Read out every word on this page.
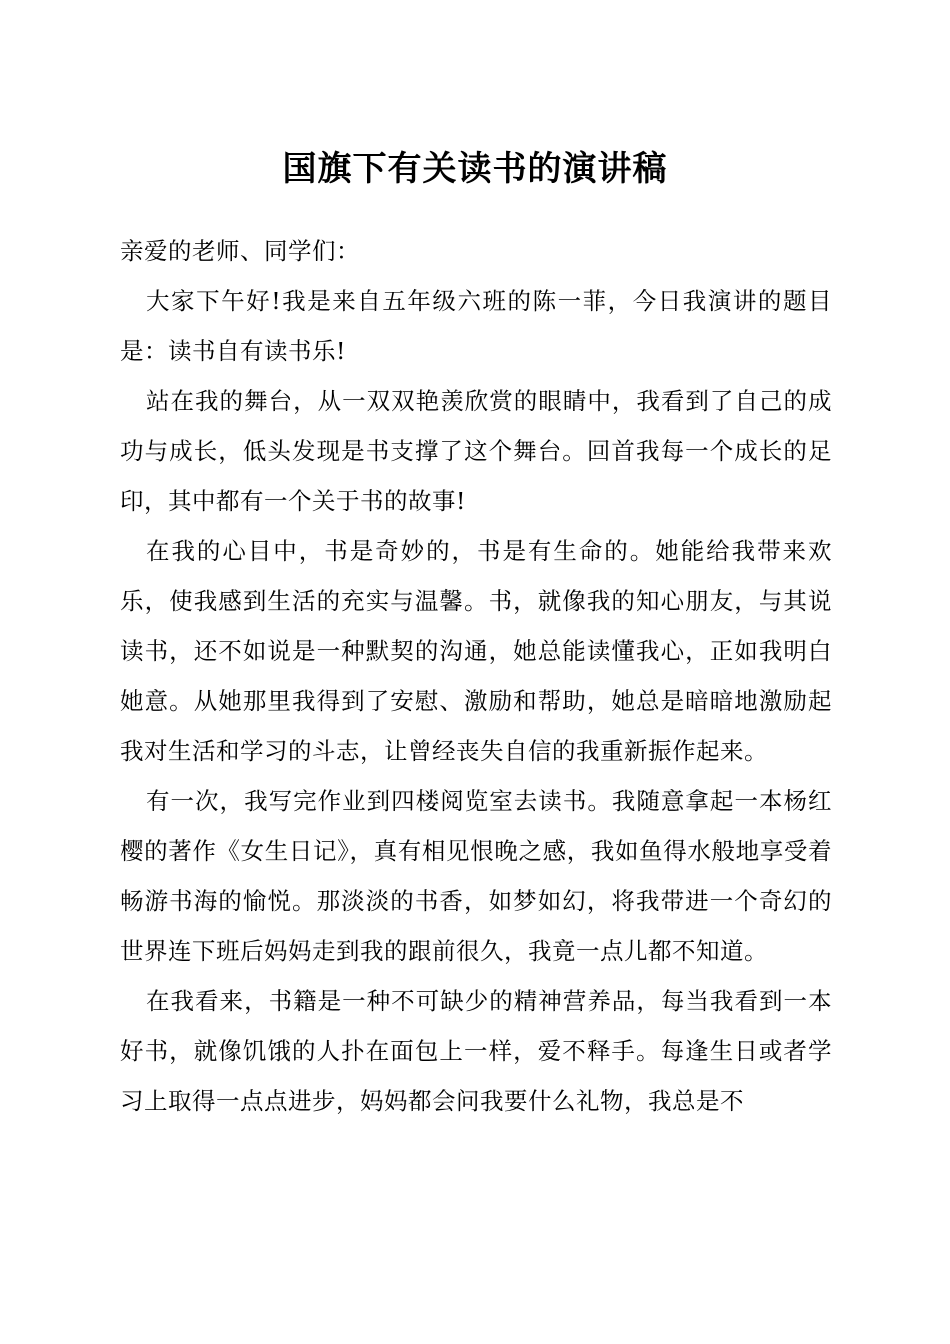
国旗下有关读书的演讲稿

亲爱的老师、同学们：

大家下午好!我是来自五年级六班的陈一菲，今日我演讲的题目是：读书自有读书乐!

站在我的舞台，从一双双艳羡欣赏的眼睛中，我看到了自己的成功与成长，低头发现是书支撑了这个舞台。回首我每一个成长的足印，其中都有一个关于书的故事!

在我的心目中，书是奇妙的，书是有生命的。她能给我带来欢乐，使我感到生活的充实与温馨。书，就像我的知心朋友，与其说读书，还不如说是一种默契的沟通，她总能读懂我心，正如我明白她意。从她那里我得到了安慰、激励和帮助，她总是暗暗地激励起我对生活和学习的斗志，让曾经丧失自信的我重新振作起来。

有一次，我写完作业到四楼阅览室去读书。我随意拿起一本杨红樱的著作《女生日记》，真有相见恨晚之感，我如鱼得水般地享受着畅游书海的愉悦。那淡淡的书香，如梦如幻，将我带进一个奇幻的世界连下班后妈妈走到我的跟前很久，我竟一点儿都不知道。

在我看来，书籍是一种不可缺少的精神营养品，每当我看到一本好书，就像饥饿的人扑在面包上一样，爱不释手。每逢生日或者学习上取得一点点进步，妈妈都会问我要什么礼物，我总是不
